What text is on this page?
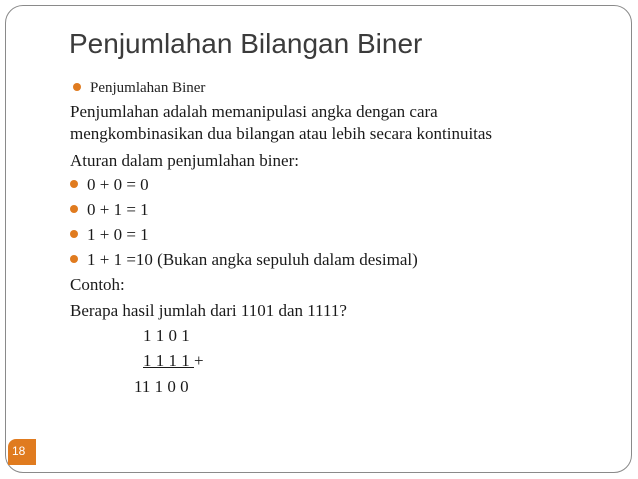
Penjumlahan Bilangan Biner
Penjumlahan Biner
Penjumlahan adalah memanipulasi angka dengan cara
mengkombinasikan dua bilangan atau lebih secara kontinuitas
Aturan dalam penjumlahan biner:
0 + 0 = 0
0 + 1 = 1
1 + 0 = 1
1 + 1 =10 (Bukan angka sepuluh dalam desimal)
Contoh:
Berapa hasil jumlah dari 1101 dan 1111?
1 1 0 1
1 1 1 1 +
11 1 0 0
18
